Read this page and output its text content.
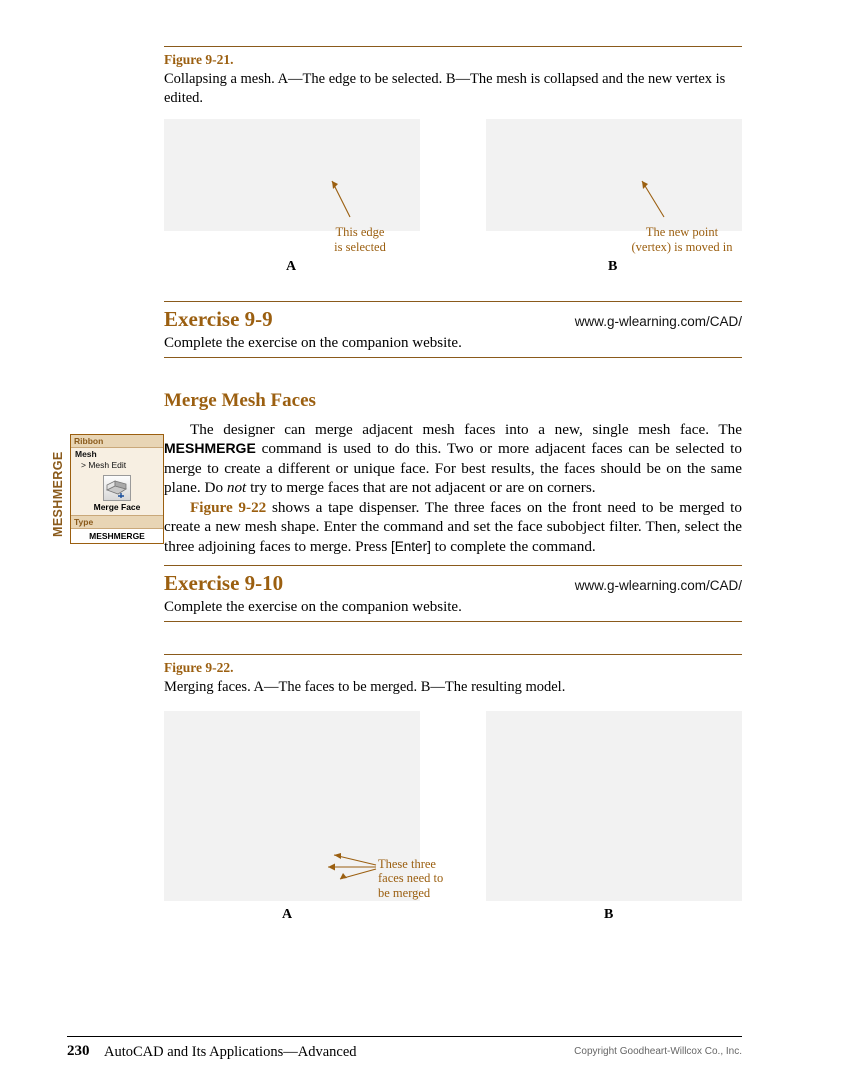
Figure 9-21.
Collapsing a mesh. A—The edge to be selected. B—The mesh is collapsed and the new vertex is edited.
This edge
is selected
A
The new point
(vertex) is moved in
B
Exercise 9-9	www.g-wlearning.com/CAD/
Complete the exercise on the companion website.
Merge Mesh Faces
MESHMERGE
Ribbon
Mesh
> Mesh Edit
Merge Face
Type
MESHMERGE

The designer can merge adjacent mesh faces into a new, single mesh face. The MESHMERGE command is used to do this. Two or more adjacent faces can be selected to merge to create a different or unique face. For best results, the faces should be on the same plane. Do not try to merge faces that are not adjacent or are on corners.

Figure 9-22 shows a tape dispenser. The three faces on the front need to be merged to create a new mesh shape. Enter the command and set the face subobject filter. Then, select the three adjoining faces to merge. Press [Enter] to complete the command.

Exercise 9-10	www.g-wlearning.com/CAD/
Complete the exercise on the companion website.
Figure 9-22.
Merging faces. A—The faces to be merged. B—The resulting model.
These three
faces need to
be merged
A	B
230 AutoCAD and Its Applications—Advanced	Copyright Goodheart-Willcox Co., Inc.
